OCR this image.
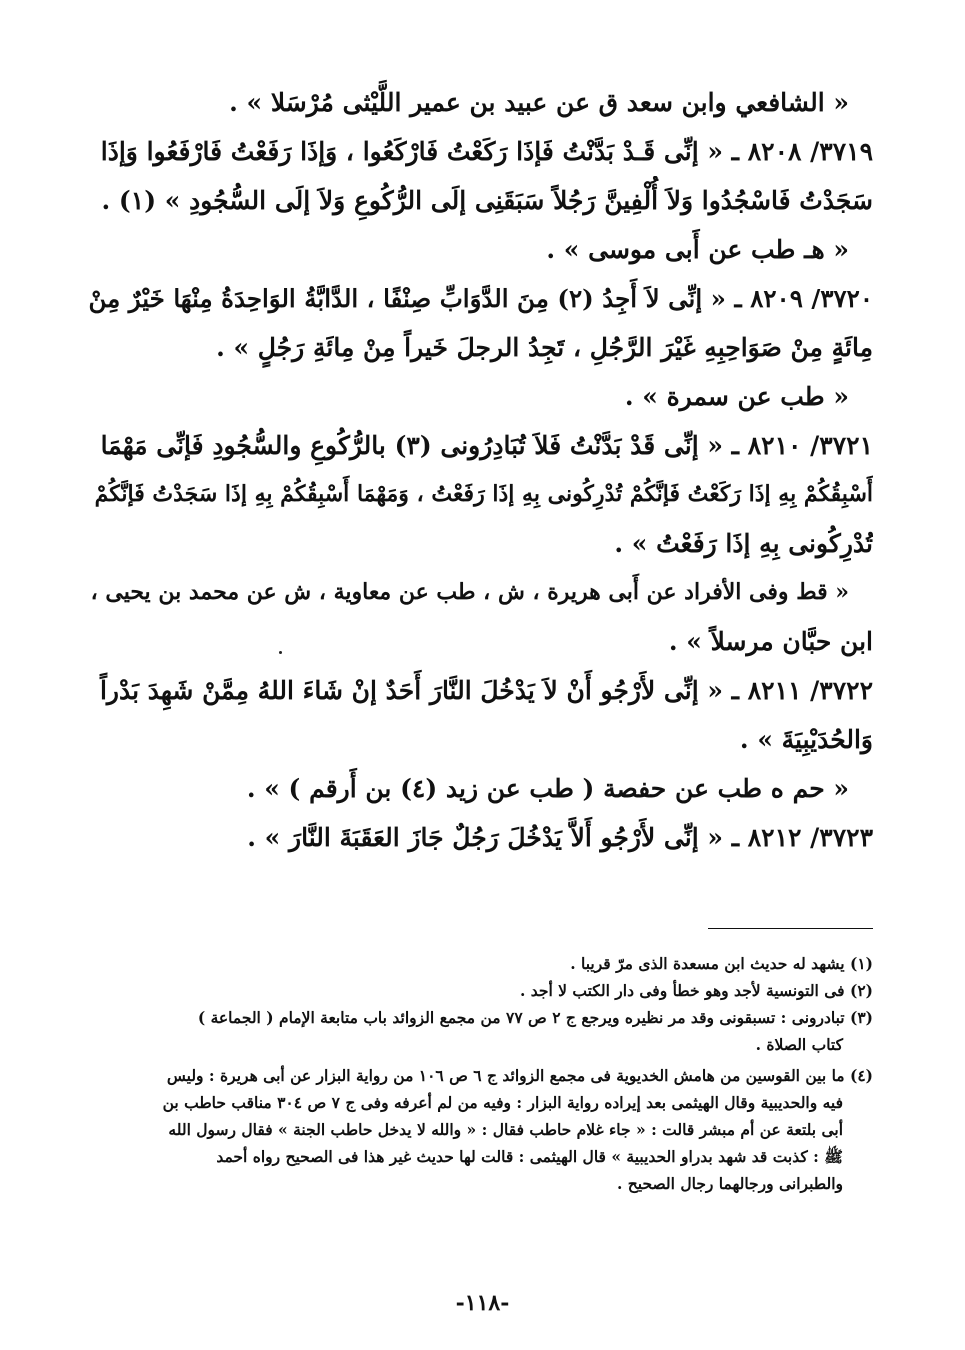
« الشافعي وابن سعد ق عن عبيد بن عمير اللَّيْثى مُرْسَلا » .
٣٧١٩/ ٨٢٠٨ ـ « إنِّى قَـدْ بَدَّنْتُ فَإذَا رَكَعْتُ فَارْكَعُوا ، وَإذَا رَفَعْتُ فَارْفَعُوا وَإذَا
سَجَدْتُ فَاسْجُدُوا وَلاَ أُلْفِينَّ رَجُلاً سَبَقَنِى إلَى الرُّكُوعِ وَلاَ إلَى السُّجُودِ » (١) .
« هـ طب عن أَبى موسى » .
٣٧٢٠/ ٨٢٠٩ ـ « إنِّى لاَ أَجِدُ (٢) مِنَ الدَّوَابِّ صِنْفًا ، الدَّابَّةُ الوَاحِدَةُ مِنْهَا خَيْرٌ مِنْ
مِائَةٍ مِنْ صَوَاحِبِهِ غَيْرَ الرَّجُلِ ، تَجِدُ الرجلَ خَيراً مِنْ مِائَةِ رَجُلٍ » .
« طب عن سمرة » .
٣٧٢١/ ٨٢١٠ ـ « إنِّى قَدْ بَدَّنْتُ فَلاَ تُبَادِرُونى (٣) بالرُّكُوعِ والسُّجُودِ فَإنِّى مَهْمَا
أَسْبِقُكُمْ بِهِ إذَا رَكَعْتُ فَإنَّكُمْ تُدْرِكُونى بِهِ إذَا رَفَعْتُ ، وَمَهْمَا أَسْبِقُكُمْ بِهِ إذَا سَجَدْتُ فَإنَّكُمْ
تُدْرِكُونى بِهِ إذَا رَفَعْتُ » .
« قط وفى الأفراد عن أَبى هريرة ، ش ، طب عن معاوية ، ش عن محمد بن يحيى ،
ابن حبَّان مرسلاً » .
٣٧٢٢/ ٨٢١١ ـ « إنِّى لأَرْجُو أَنْ لاَ يَدْخُلَ النَّارَ أَحَدٌ إنْ شَاءَ اللهُ مِمَّنْ شَهِدَ بَدْراً
وَالحُدَيْبِيَةَ » .
« حم ه طب عن حفصة ( طب عن زيد (٤) بن أَرقم ) » .
٣٧٢٣/ ٨٢١٢ ـ « إنِّى لأَرْجُو أَلاَّ يَدْخُلَ رَجُلٌ جَازَ العَقَبَةَ النَّارَ » .
(١) يشهد له حديث ابن مسعدة الذى مرّ قريبا .
(٢) فى التونسية لأجد وهو خطأ وفى دار الكتب لا أجد .
(٣) تبادرونى : تسبقونى وقد مر نظيره ويرجع ج ٢ ص ٧٧ من مجمع الزوائد باب متابعة الإمام ( الجماعة )
كتاب الصلاة .
(٤) ما بين القوسين من هامش الخديوية فى مجمع الزوائد ج ٦ ص ١٠٦ من رواية البزار عن أبى هريرة : وليس
فيه والحديبية وقال الهيثمى بعد إيراده رواية البزار : وفيه من لم أعرفه وفى ج ٧ ص ٣٠٤ مناقب حاطب بن
أبى بلتعة عن أم مبشر قالت : « جاء غلام حاطب فقال : « والله لا يدخل حاطب الجنة » فقال رسول الله
ﷺ : كذبت قد شهد بدراو الحديبية » قال الهيثمى : قالت لها حديث غير هذا فى الصحيح رواه أحمد
والطبرانى ورجالهما رجال الصحيح .
-١١٨-
